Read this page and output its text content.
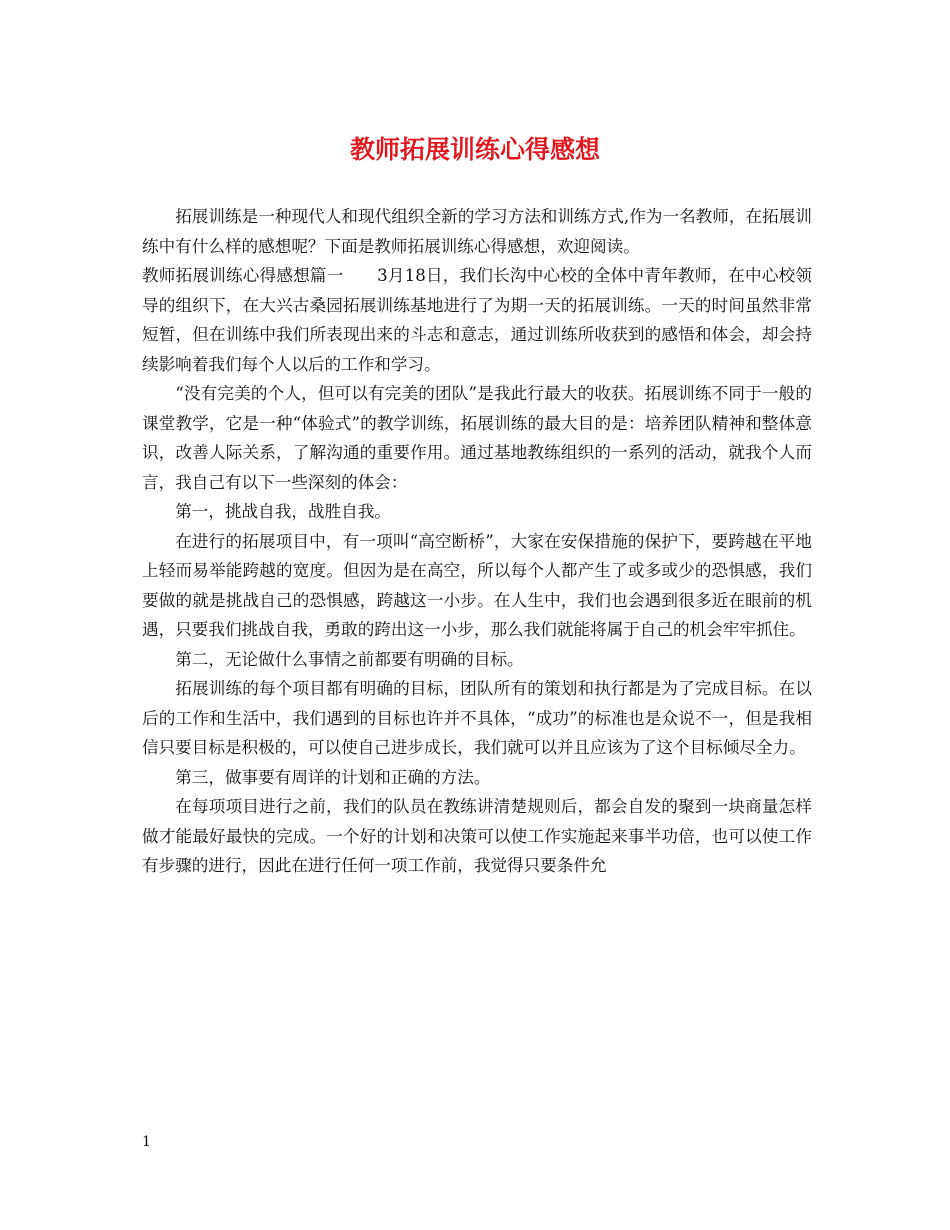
教师拓展训练心得感想

拓展训练是一种现代人和现代组织全新的学习方法和训练方式,作为一名教师，在拓展训练中有什么样的感想呢？下面是教师拓展训练心得感想，欢迎阅读。

教师拓展训练心得感想篇一　　3月18日，我们长沟中心校的全体中青年教师，在中心校领导的组织下，在大兴古桑园拓展训练基地进行了为期一天的拓展训练。一天的时间虽然非常短暂，但在训练中我们所表现出来的斗志和意志，通过训练所收获到的感悟和体会，却会持续影响着我们每个人以后的工作和学习。

“没有完美的个人，但可以有完美的团队”是我此行最大的收获。拓展训练不同于一般的课堂教学，它是一种“体验式”的教学训练，拓展训练的最大目的是：培养团队精神和整体意识，改善人际关系，了解沟通的重要作用。通过基地教练组织的一系列的活动，就我个人而言，我自己有以下一些深刻的体会：

第一，挑战自我，战胜自我。

在进行的拓展项目中，有一项叫“高空断桥”，大家在安保措施的保护下，要跨越在平地上轻而易举能跨越的宽度。但因为是在高空，所以每个人都产生了或多或少的恐惧感，我们要做的就是挑战自己的恐惧感，跨越这一小步。在人生中，我们也会遇到很多近在眼前的机遇，只要我们挑战自我，勇敢的跨出这一小步，那么我们就能将属于自己的机会牢牢抓住。

第二，无论做什么事情之前都要有明确的目标。

拓展训练的每个项目都有明确的目标，团队所有的策划和执行都是为了完成目标。在以后的工作和生活中，我们遇到的目标也许并不具体，“成功”的标准也是众说不一，但是我相信只要目标是积极的，可以使自己进步成长，我们就可以并且应该为了这个目标倾尽全力。

第三，做事要有周详的计划和正确的方法。

在每项项目进行之前，我们的队员在教练讲清楚规则后，都会自发的聚到一块商量怎样做才能最好最快的完成。一个好的计划和决策可以使工作实施起来事半功倍，也可以使工作有步骤的进行，因此在进行任何一项工作前，我觉得只要条件允

1
